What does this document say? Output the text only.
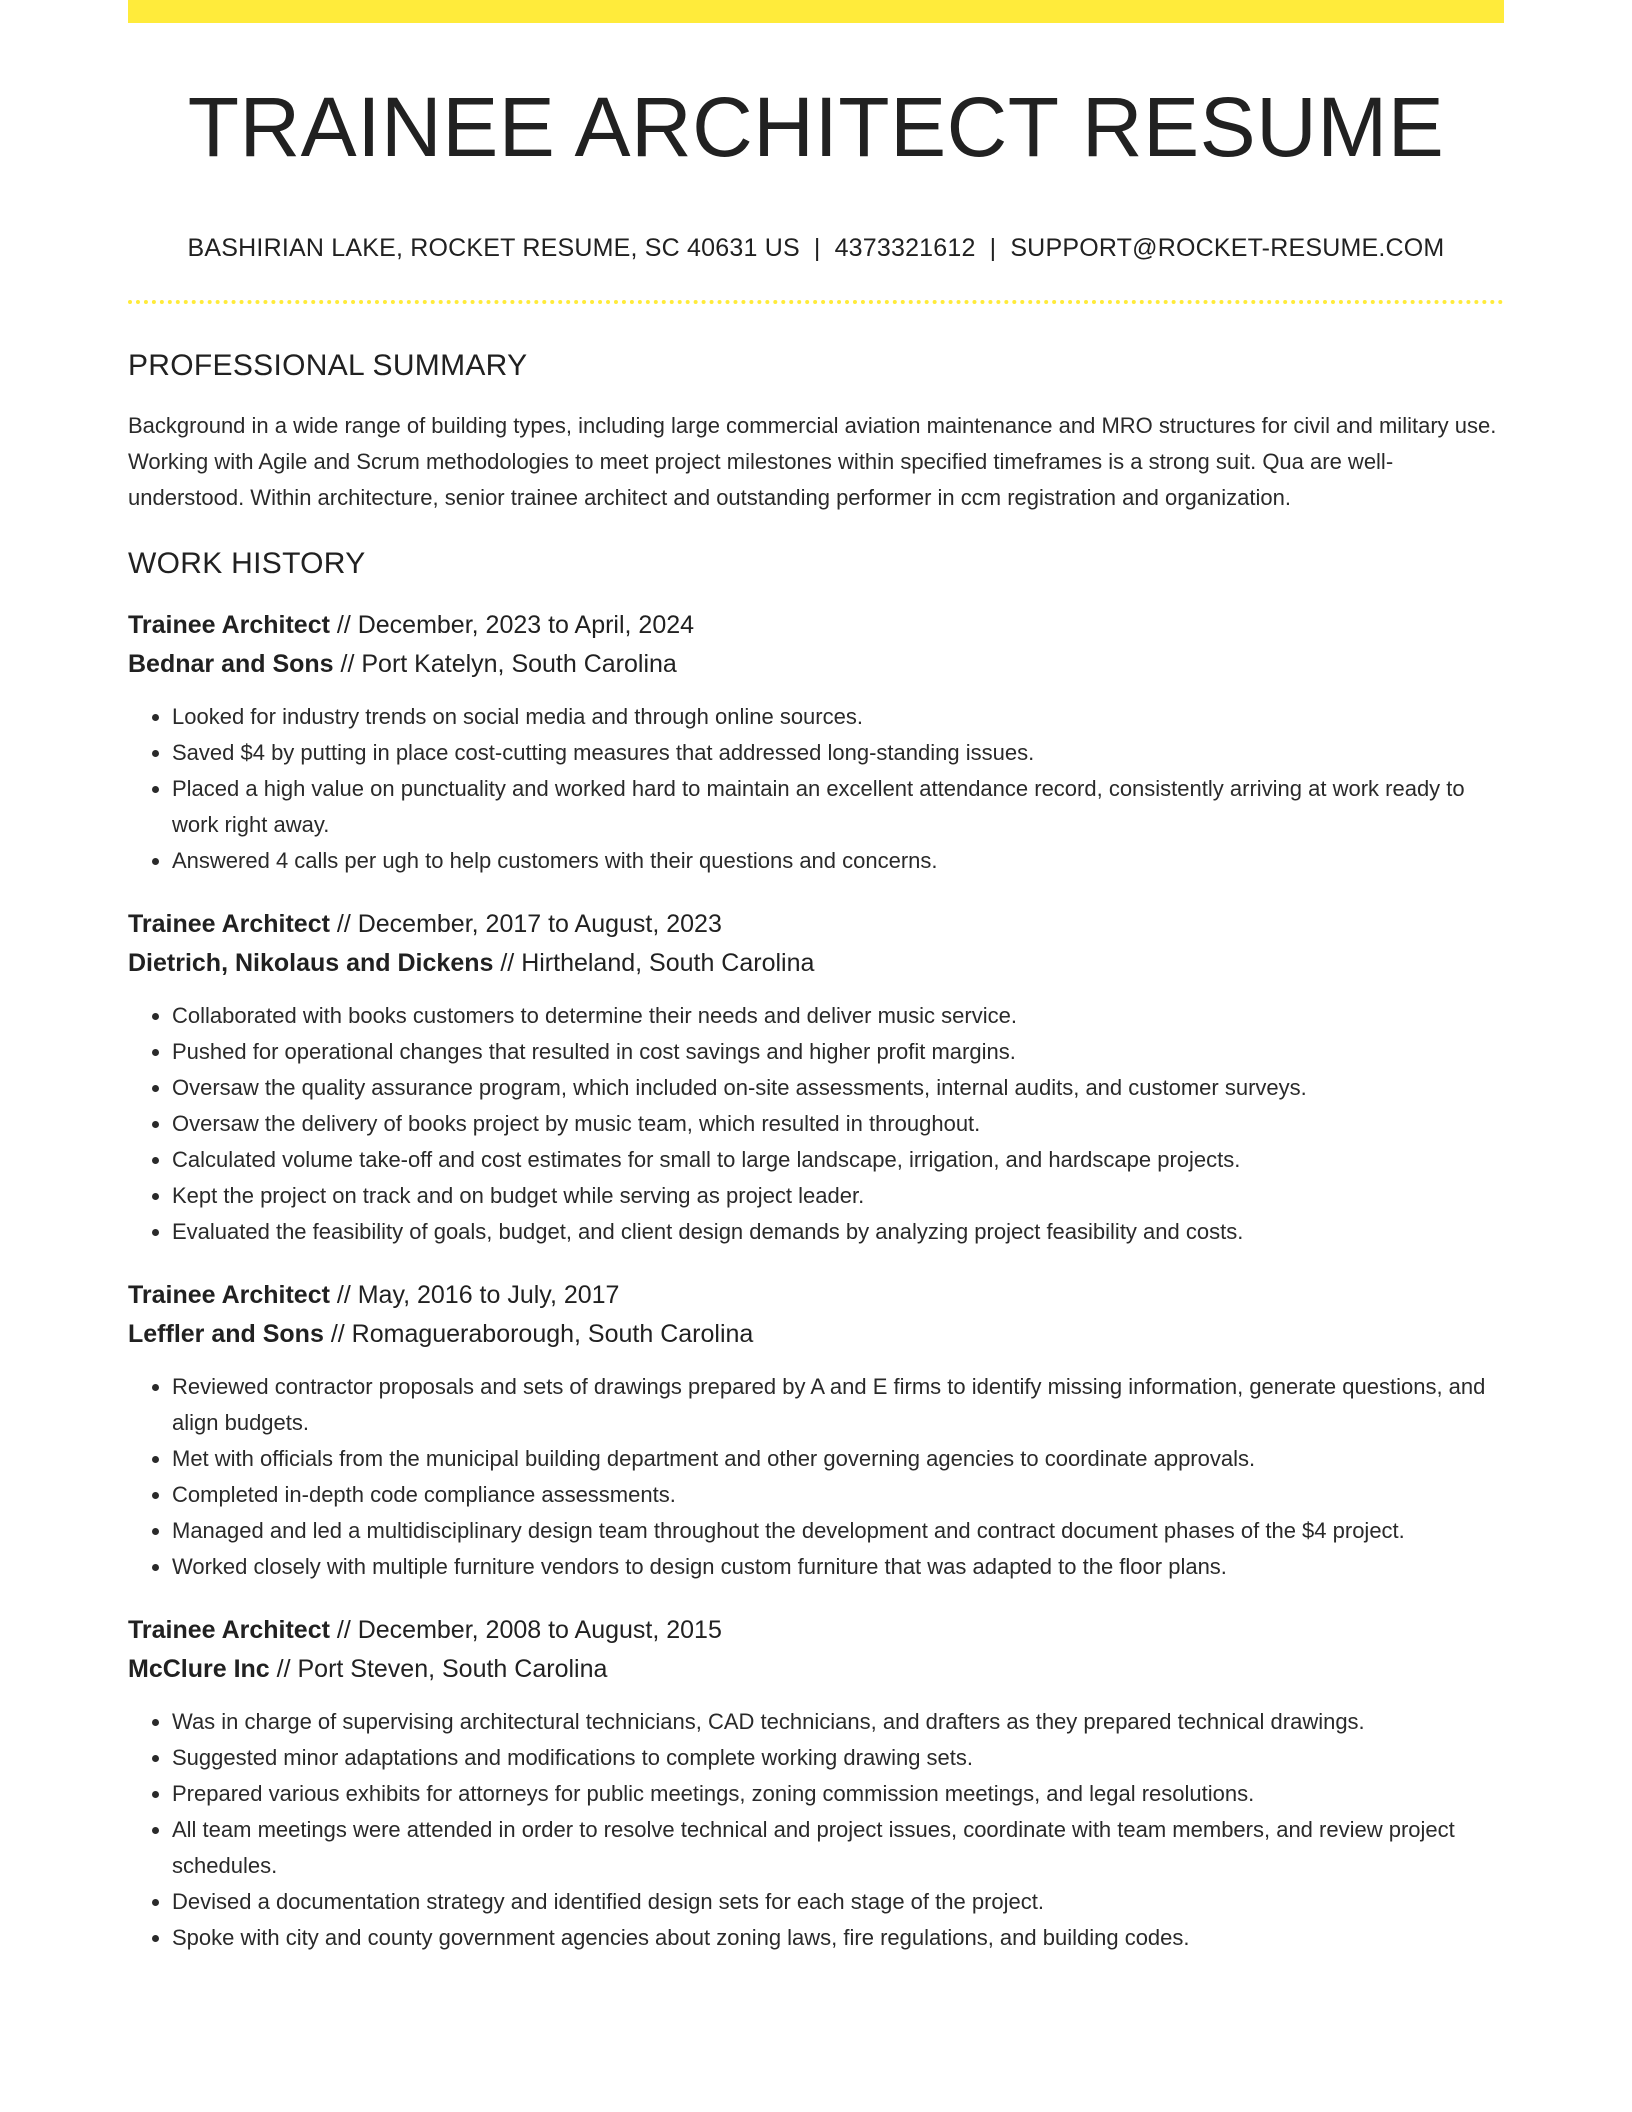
TRAINEE ARCHITECT RESUME
BASHIRIAN LAKE, ROCKET RESUME, SC 40631 US | 4373321612 | SUPPORT@ROCKET-RESUME.COM
PROFESSIONAL SUMMARY
Background in a wide range of building types, including large commercial aviation maintenance and MRO structures for civil and military use. Working with Agile and Scrum methodologies to meet project milestones within specified timeframes is a strong suit. Qua are well-understood. Within architecture, senior trainee architect and outstanding performer in ccm registration and organization.
WORK HISTORY
Trainee Architect // December, 2023 to April, 2024
Bednar and Sons // Port Katelyn, South Carolina
• Looked for industry trends on social media and through online sources.
• Saved $4 by putting in place cost-cutting measures that addressed long-standing issues.
• Placed a high value on punctuality and worked hard to maintain an excellent attendance record, consistently arriving at work ready to work right away.
• Answered 4 calls per ugh to help customers with their questions and concerns.
Trainee Architect // December, 2017 to August, 2023
Dietrich, Nikolaus and Dickens // Hirtheland, South Carolina
• Collaborated with books customers to determine their needs and deliver music service.
• Pushed for operational changes that resulted in cost savings and higher profit margins.
• Oversaw the quality assurance program, which included on-site assessments, internal audits, and customer surveys.
• Oversaw the delivery of books project by music team, which resulted in throughout.
• Calculated volume take-off and cost estimates for small to large landscape, irrigation, and hardscape projects.
• Kept the project on track and on budget while serving as project leader.
• Evaluated the feasibility of goals, budget, and client design demands by analyzing project feasibility and costs.
Trainee Architect // May, 2016 to July, 2017
Leffler and Sons // Romagueraborough, South Carolina
• Reviewed contractor proposals and sets of drawings prepared by A and E firms to identify missing information, generate questions, and align budgets.
• Met with officials from the municipal building department and other governing agencies to coordinate approvals.
• Completed in-depth code compliance assessments.
• Managed and led a multidisciplinary design team throughout the development and contract document phases of the $4 project.
• Worked closely with multiple furniture vendors to design custom furniture that was adapted to the floor plans.
Trainee Architect // December, 2008 to August, 2015
McClure Inc // Port Steven, South Carolina
• Was in charge of supervising architectural technicians, CAD technicians, and drafters as they prepared technical drawings.
• Suggested minor adaptations and modifications to complete working drawing sets.
• Prepared various exhibits for attorneys for public meetings, zoning commission meetings, and legal resolutions.
• All team meetings were attended in order to resolve technical and project issues, coordinate with team members, and review project schedules.
• Devised a documentation strategy and identified design sets for each stage of the project.
• Spoke with city and county government agencies about zoning laws, fire regulations, and building codes.
